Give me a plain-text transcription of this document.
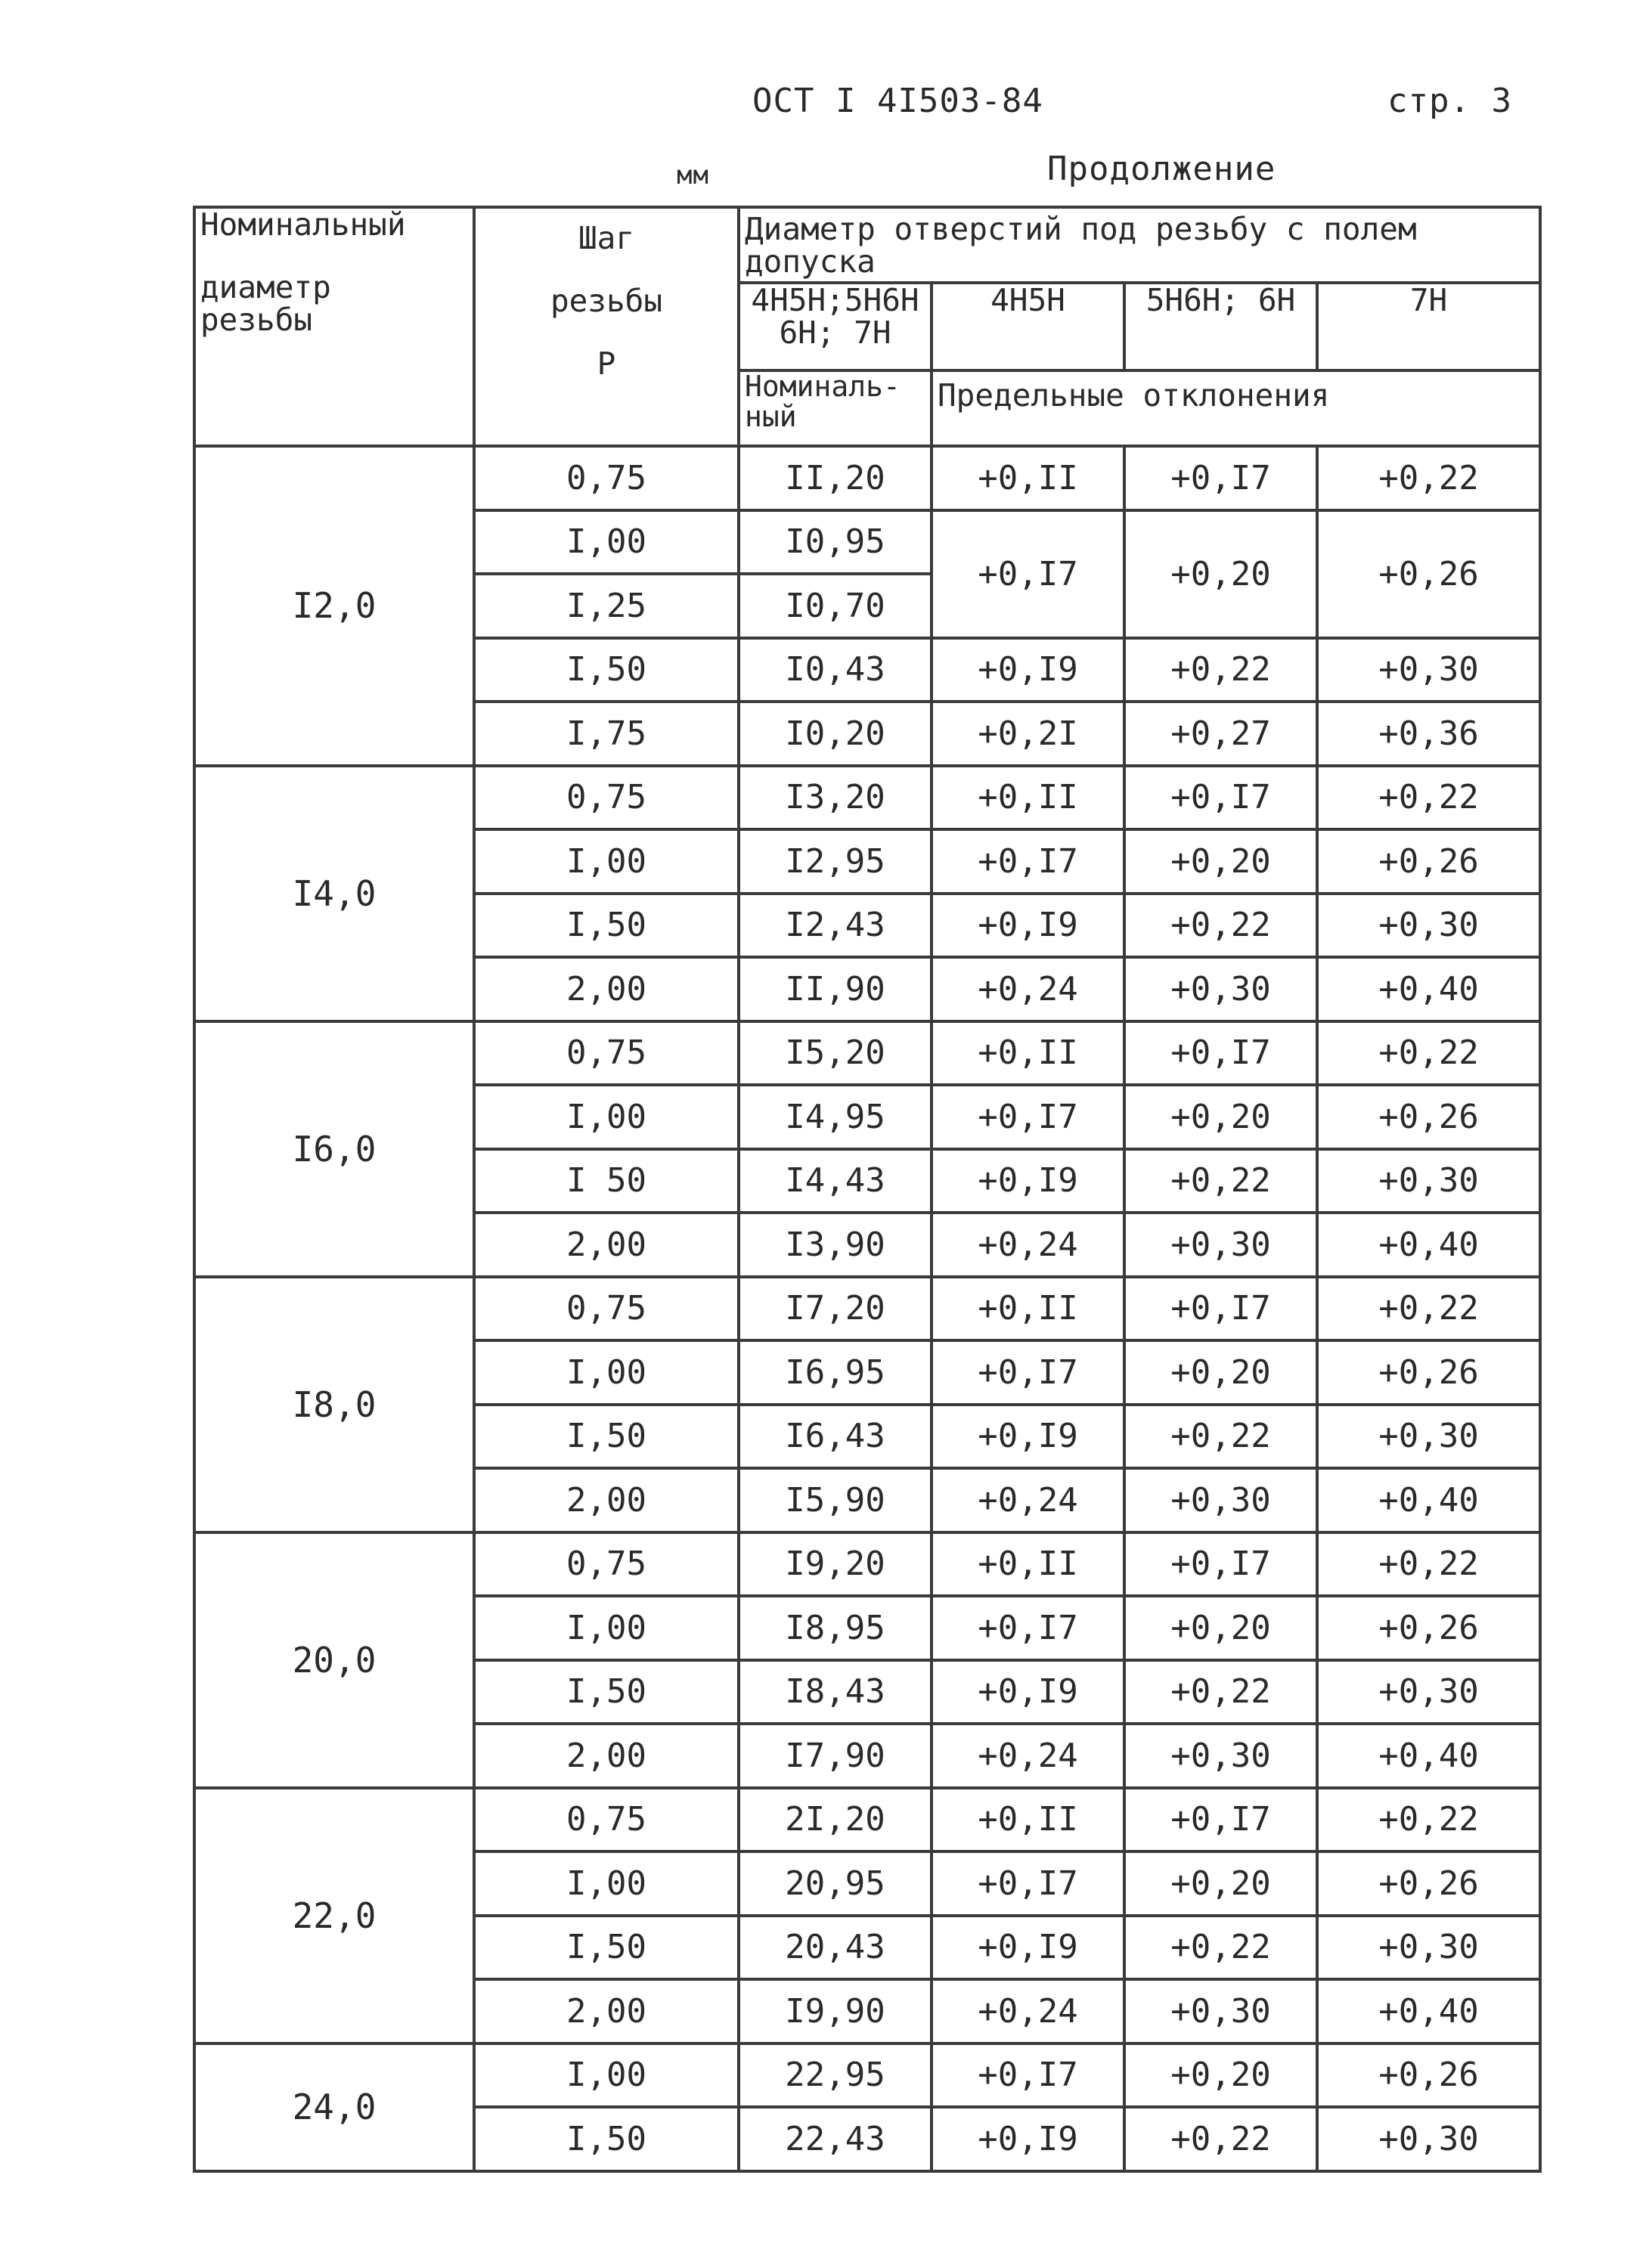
ОСТ I 4I503-84	стр. 3
мм	Продолжение
Номинальный
диаметр
резьбы	Шаг
резьбы
P	Диаметр отверстий под резьбу с полем допуска			

		4H5H;5H6H
6H; 7H	4H5H	5H6H; 6H	7H
		Номиналь-ный	Предельные отклонения		
I2,0	0,75	II,20	+0,II	+0,I7	+0,22
	I,00	I0,95	+0,I7	+0,20	+0,26
	I,25	I0,70			
	I,50	I0,43	+0,I9	+0,22	+0,30
	I,75	I0,20	+0,2I	+0,27	+0,36
I4,0	0,75	I3,20	+0,II	+0,I7	+0,22
	I,00	I2,95	+0,I7	+0,20	+0,26
	I,50	I2,43	+0,I9	+0,22	+0,30
	2,00	II,90	+0,24	+0,30	+0,40
I6,0	0,75	I5,20	+0,II	+0,I7	+0,22
	I,00	I4,95	+0,I7	+0,20	+0,26
	I 50	I4,43	+0,I9	+0,22	+0,30
	2,00	I3,90	+0,24	+0,30	+0,40
I8,0	0,75	I7,20	+0,II	+0,I7	+0,22
	I,00	I6,95	+0,I7	+0,20	+0,26
	I,50	I6,43	+0,I9	+0,22	+0,30
	2,00	I5,90	+0,24	+0,30	+0,40
20,0	0,75	I9,20	+0,II	+0,I7	+0,22
	I,00	I8,95	+0,I7	+0,20	+0,26
	I,50	I8,43	+0,I9	+0,22	+0,30
	2,00	I7,90	+0,24	+0,30	+0,40
22,0	0,75	2I,20	+0,II	+0,I7	+0,22
	I,00	20,95	+0,I7	+0,20	+0,26
	I,50	20,43	+0,I9	+0,22	+0,30
	2,00	I9,90	+0,24	+0,30	+0,40
24,0	I,00	22,95	+0,I7	+0,20	+0,26
	I,50	22,43	+0,I9	+0,22	+0,30
